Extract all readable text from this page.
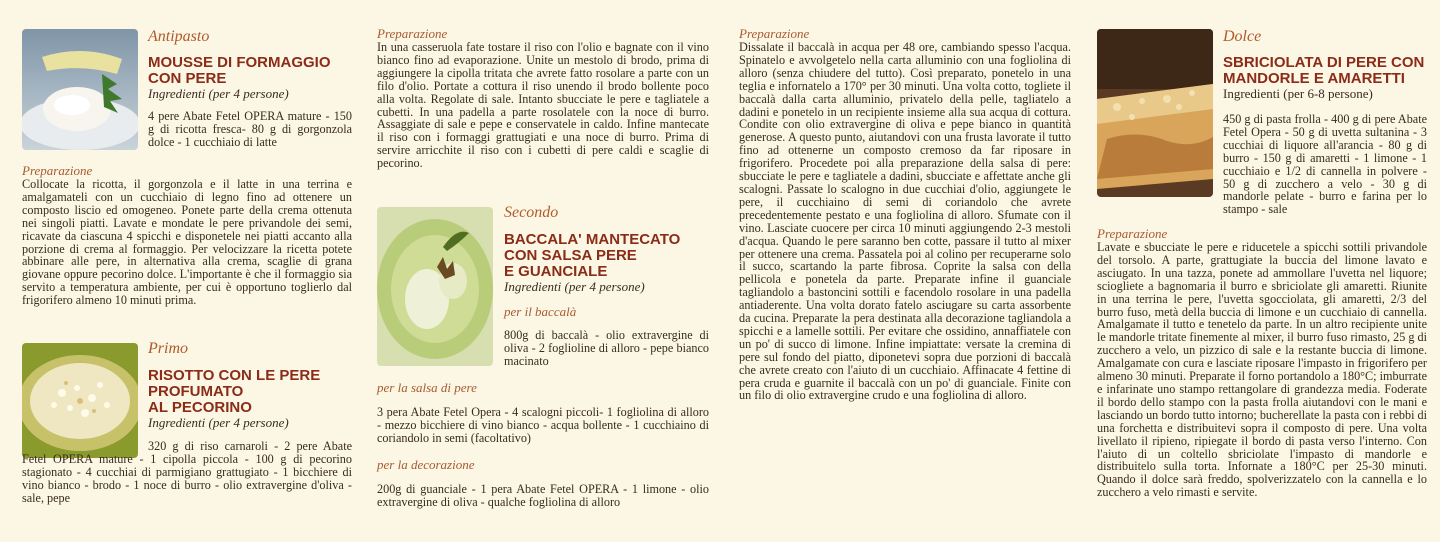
Antipasto
MOUSSE DI FORMAGGIO
CON PERE
Ingredienti (per 4 persone)
4 pere Abate Fetel OPERA mature - 150 g di ricotta fresca- 80 g di gorgonzola dolce - 1 cucchiaio di latte
Preparazione
Collocate la ricotta, il gorgonzola e il latte in una terrina e amalgamateli con un cucchiaio di legno fino ad ottenere un composto liscio ed omogeneo. Ponete parte della crema ottenuta nei singoli piatti. Lavate e mondate le pere privandole dei semi, ricavate da ciascuna 4 spicchi e disponetele nei piatti accanto alla porzione di crema al formaggio. Per velocizzare la ricetta potete abbinare alle pere, in alternativa alla crema, scaglie di grana giovane oppure pecorino dolce. L'importante è che il formaggio sia servito a temperatura ambiente, per cui è opportuno toglierlo dal frigorifero almeno 10 minuti prima.
Primo
RISOTTO CON LE PERE
PROFUMATO
AL PECORINO
Ingredienti (per 4 persone)
320 g di riso carnaroli - 2 pere Abate Fetel OPERA mature - 1 cipolla piccola - 100 g di pecorino stagionato - 4 cucchiai di parmigiano grattugiato - 1 bicchiere di vino bianco - brodo - 1 noce di burro - olio extravergine d'oliva - sale, pepe
Preparazione
In una casseruola fate tostare il riso con l'olio e bagnate con il vino bianco fino ad evaporazione. Unite un mestolo di brodo, prima di aggiungere la cipolla tritata che avrete fatto rosolare a parte con un filo d'olio. Portate a cottura il riso unendo il brodo bollente poco alla volta. Regolate di sale. Intanto sbucciate le pere e tagliatele a cubetti. In una padella a parte rosolatele con la noce di burro. Assaggiate di sale e pepe e conservatele in caldo. Infine mantecate il riso con i formaggi grattugiati e una noce di burro. Prima di servire arricchite il riso con i cubetti di pere caldi e scaglie di pecorino.
Secondo
BACCALA' MANTECATO
CON SALSA PERE
E GUANCIALE
Ingredienti (per 4 persone)
per il baccalà
800g di baccalà - olio extravergine di oliva - 2 foglioline di alloro - pepe bianco macinato
per la salsa di pere
3 pera Abate Fetel Opera - 4 scalogni piccoli- 1 fogliolina di alloro - mezzo bicchiere di vino bianco - acqua bollente - 1 cucchiaino di coriandolo in semi (facoltativo)
per la decorazione
200g di guanciale - 1 pera Abate Fetel OPERA - 1 limone - olio extravergine di oliva - qualche fogliolina di alloro
Preparazione
Dissalate il baccalà in acqua per 48 ore, cambiando spesso l'acqua. Spinatelo e avvolgetelo nella carta alluminio con una fogliolina di alloro (senza chiudere del tutto). Così preparato, ponetelo in una teglia e infornatelo a 170° per 30 minuti. Una volta cotto, togliete il baccalà dalla carta alluminio, privatelo della pelle, tagliatelo a dadini e ponetelo in un recipiente insieme alla sua acqua di cottura. Condite con olio extravergine di oliva e pepe bianco in quantità generose. A questo punto, aiutandovi con una frusta lavorate il tutto fino ad ottenerne un composto cremoso da far riposare in frigorifero. Procedete poi alla preparazione della salsa di pere: sbucciate le pere e tagliatele a dadini, sbucciate e affettate anche gli scalogni. Passate lo scalogno in due cucchiai d'olio, aggiungete le pere, il cucchiaino di semi di coriandolo che avrete precedentemente pestato e una fogliolina di alloro. Sfumate con il vino. Lasciate cuocere per circa 10 minuti aggiungendo 2-3 mestoli d'acqua. Quando le pere saranno ben cotte, passare il tutto al mixer per ottenere una crema. Passatela poi al colino per recuperarne solo il succo, scartando la parte fibrosa. Coprite la salsa con della pellicola e ponetela da parte. Preparate infine il guanciale tagliandolo a bastoncini sottili e facendolo rosolare in una padella antiaderente. Una volta dorato fatelo asciugare su carta assorbente da cucina. Preparate la pera destinata alla decorazione tagliandola a spicchi e a lamelle sottili. Per evitare che ossidino, annaffiatele con un po' di succo di limone. Infine impiattate: versate la cremina di pere sul fondo del piatto, diponetevi sopra due porzioni di baccalà che avrete creato con l'aiuto di un cucchiaio. Affinacate 4 fettine di pera cruda e guarnite il baccalà con un po' di guanciale. Finite con un filo di olio extravergine crudo e una fogliolina di alloro.
Dolce
SBRICIOLATA DI PERE CON
MANDORLE E AMARETTI
Ingredienti (per 6-8 persone)
450 g di pasta frolla - 400 g di pere Abate Fetel Opera - 50 g di uvetta sultanina - 3 cucchiai di liquore all'arancia - 80 g di burro - 150 g di amaretti - 1 limone - 1 cucchiaio e 1/2 di cannella in polvere - 50 g di zucchero a velo - 30 g di mandorle pelate - burro e farina per lo stampo - sale
Preparazione
Lavate e sbucciate le pere e riducetele a spicchi sottili privandole del torsolo. A parte, grattugiate la buccia del limone lavato e asciugato. In una tazza, ponete ad ammollare l'uvetta nel liquore; sciogliete a bagnomaria il burro e sbriciolate gli amaretti. Riunite in una terrina le pere, l'uvetta sgocciolata, gli amaretti, 2/3 del burro fuso, metà della buccia di limone e un cucchiaio di cannella. Amalgamate il tutto e tenetelo da parte. In un altro recipiente unite le mandorle tritate finemente al mixer, il burro fuso rimasto, 25 g di zucchero a velo, un pizzico di sale e la restante buccia di limone. Amalgamate con cura e lasciate riposare l'impasto in frigorifero per almeno 30 minuti. Preparate il forno portandolo a 180°C; imburrate e infarinate uno stampo rettangolare di grandezza media. Foderate il bordo dello stampo con la pasta frolla aiutandovi con le mani e lasciando un bordo tutto intorno; bucherellate la pasta con i rebbi di una forchetta e distribuitevi sopra il composto di pere. Una volta livellato il ripieno, ripiegate il bordo di pasta verso l'interno. Con l'aiuto di un coltello sbriciolate l'impasto di mandorle e distribuitelo sulla torta. Infornate a 180°C per 25-30 minuti. Quando il dolce sarà freddo, spolverizzatelo con la cannella e lo zucchero a velo rimasti e servite.
